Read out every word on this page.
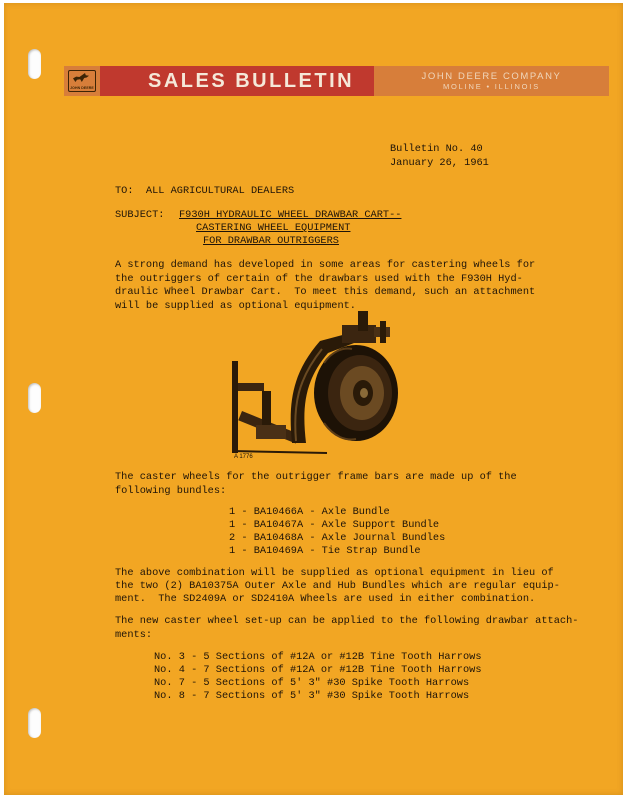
JOHN DEERE	SALES BULLETIN	JOHN DEERE COMPANY
MOLINE • ILLINOIS
Bulletin No. 40
January 26, 1961
TO:  ALL AGRICULTURAL DEALERS
SUBJECT: F930H HYDRAULIC WHEEL DRAWBAR CART--
CASTERING WHEEL EQUIPMENT
FOR DRAWBAR OUTRIGGERS
A strong demand has developed in some areas for castering wheels for
the outriggers of certain of the drawbars used with the F930H Hyd-
draulic Wheel Drawbar Cart.  To meet this demand, such an attachment
will be supplied as optional equipment.
A 1776
The caster wheels for the outrigger frame bars are made up of the
following bundles:
1 - BA10466A - Axle Bundle
1 - BA10467A - Axle Support Bundle
2 - BA10468A - Axle Journal Bundles
1 - BA10469A - Tie Strap Bundle
The above combination will be supplied as optional equipment in lieu of
the two (2) BA10375A Outer Axle and Hub Bundles which are regular equip-
ment.  The SD2409A or SD2410A Wheels are used in either combination.
The new caster wheel set-up can be applied to the following drawbar attach-
ments:
No. 3 - 5 Sections of #12A or #12B Tine Tooth Harrows
No. 4 - 7 Sections of #12A or #12B Tine Tooth Harrows
No. 7 - 5 Sections of 5' 3" #30 Spike Tooth Harrows
No. 8 - 7 Sections of 5' 3" #30 Spike Tooth Harrows
